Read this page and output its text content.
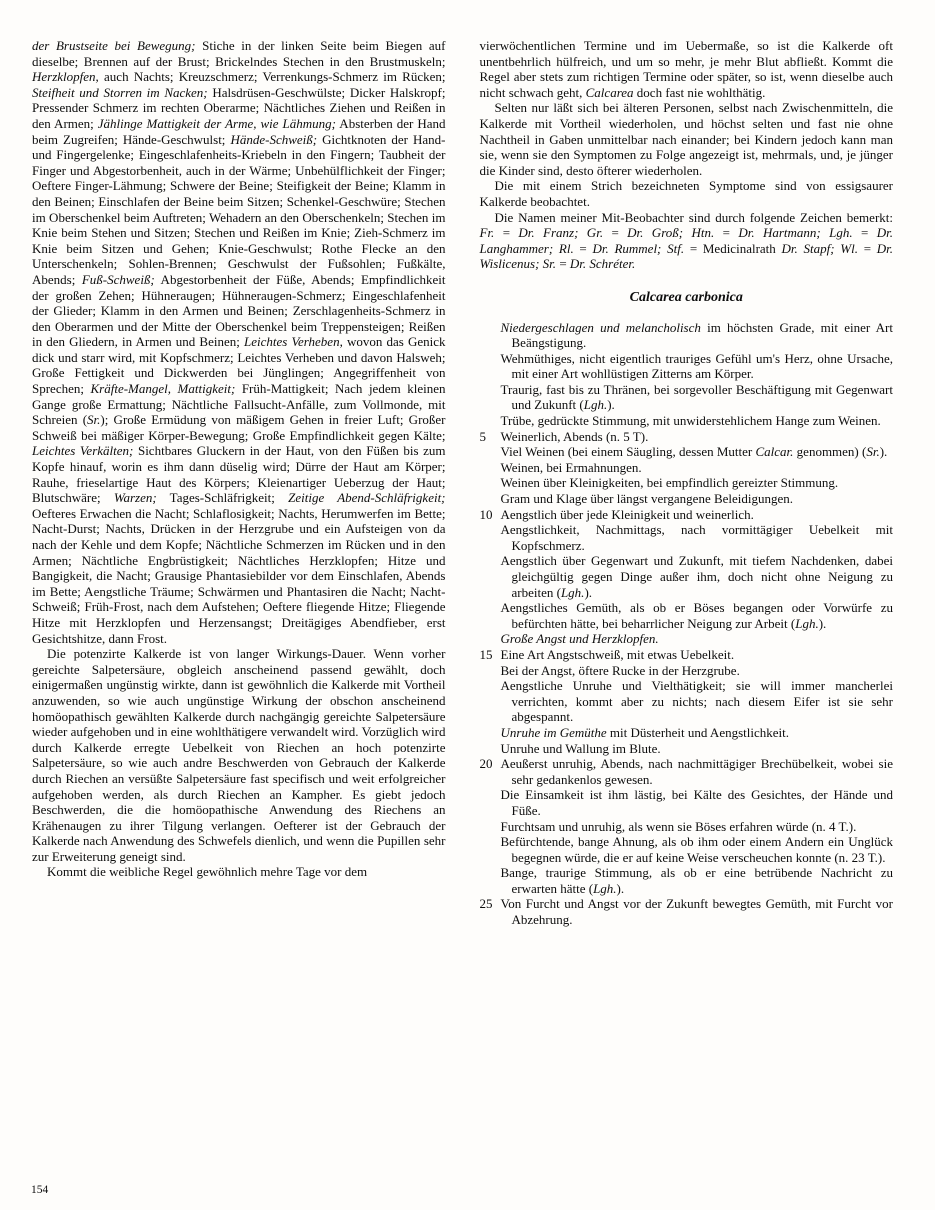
der Brustseite bei Bewegung; Stiche in der linken Seite beim Biegen auf dieselbe; Brennen auf der Brust; Brickelndes Stechen in den Brustmuskeln; Herzklopfen, auch Nachts; Kreuzschmerz; Verrenkungs-Schmerz im Rücken; Steifheit und Storren im Nacken; Halsdrüsen-Geschwülste; Dicker Halskropf; Pressender Schmerz im rechten Oberarme; Nächtliches Ziehen und Reißen in den Armen; Jählinge Mattigkeit der Arme, wie Lähmung; Absterben der Hand beim Zugreifen; Hände-Geschwulst; Hände-Schweiß; Gichtknoten der Hand- und Fingergelenke; Eingeschlafenheits-Kriebeln in den Fingern; Taubheit der Finger und Abgestorbenheit, auch in der Wärme; Unbehülflichkeit der Finger; Oeftere Finger-Lähmung; Schwere der Beine; Steifigkeit der Beine; Klamm in den Beinen; Einschlafen der Beine beim Sitzen; Schenkel-Geschwüre; Stechen im Oberschenkel beim Auftreten; Wehadern an den Oberschenkeln; Stechen im Knie beim Stehen und Sitzen; Stechen und Reißen im Knie; Zieh-Schmerz im Knie beim Sitzen und Gehen; Knie-Geschwulst; Rothe Flecke an den Unterschenkeln; Sohlen-Brennen; Geschwulst der Fußsohlen; Fußkälte, Abends; Fuß-Schweiß; Abgestorbenheit der Füße, Abends; Empfindlichkeit der großen Zehen; Hühneraugen; Hühneraugen-Schmerz; Eingeschlafenheit der Glieder; Klamm in den Armen und Beinen; Zerschlagenheits-Schmerz in den Oberarmen und der Mitte der Oberschenkel beim Treppensteigen; Reißen in den Gliedern, in Armen und Beinen; Leichtes Verheben, wovon das Genick dick und starr wird, mit Kopfschmerz; Leichtes Verheben und davon Halsweh; Große Fettigkeit und Dickwerden bei Jünglingen; Angegriffenheit von Sprechen; Kräfte-Mangel, Mattigkeit; Früh-Mattigkeit; Nach jedem kleinen Gange große Ermattung; Nächtliche Fallsucht-Anfälle, zum Vollmonde, mit Schreien (Sr.); Große Ermüdung von mäßigem Gehen in freier Luft; Großer Schweiß bei mäßiger Körper-Bewegung; Große Empfindlichkeit gegen Kälte; Leichtes Verkälten; Sichtbares Gluckern in der Haut, von den Füßen bis zum Kopfe hinauf, worin es ihm dann düselig wird; Dürre der Haut am Körper; Rauhe, frieselartige Haut des Körpers; Kleienartiger Ueberzug der Haut; Blutschwäre; Warzen; Tages-Schläfrigkeit; Zeitige Abend-Schläfrigkeit; Oefteres Erwachen die Nacht; Schlaflosigkeit; Nachts, Herumwerfen im Bette; Nacht-Durst; Nachts, Drücken in der Herzgrube und ein Aufsteigen von da nach der Kehle und dem Kopfe; Nächtliche Schmerzen im Rücken und in den Armen; Nächtliche Engbrüstigkeit; Nächtliches Herzklopfen; Hitze und Bangigkeit, die Nacht; Grausige Phantasiebilder vor dem Einschlafen, Abends im Bette; Aengstliche Träume; Schwärmen und Phantasiren die Nacht; Nacht-Schweiß; Früh-Frost, nach dem Aufstehen; Oeftere fliegende Hitze; Fliegende Hitze mit Herzklopfen und Herzensangst; Dreitägiges Abendfieber, erst Gesichtshitze, dann Frost.

Die potenzirte Kalkerde ist von langer Wirkungs-Dauer. Wenn vorher gereichte Salpetersäure, obgleich anscheinend passend gewählt, doch einigermaßen ungünstig wirkte, dann ist gewöhnlich die Kalkerde mit Vortheil anzuwenden, so wie auch ungünstige Wirkung der obschon anscheinend homöopathisch gewählten Kalkerde durch nachgängig gereichte Salpetersäure wieder aufgehoben und in eine wohlthätigere verwandelt wird. Vorzüglich wird durch Kalkerde erregte Uebelkeit von Riechen an hoch potenzirte Salpetersäure, so wie auch andre Beschwerden von Gebrauch der Kalkerde durch Riechen an versüßte Salpetersäure fast specifisch und weit erfolgreicher aufgehoben werden, als durch Riechen an Kampher. Es giebt jedoch Beschwerden, die die homöopathische Anwendung des Riechens an Krähenaugen zu ihrer Tilgung verlangen. Oefterer ist der Gebrauch der Kalkerde nach Anwendung des Schwefels dienlich, und wenn die Pupillen sehr zur Erweiterung geneigt sind.

Kommt die weibliche Regel gewöhnlich mehre Tage vor dem

vierwöchentlichen Termine und im Uebermaße, so ist die Kalkerde oft unentbehrlich hülfreich, und um so mehr, je mehr Blut abfließt. Kommt die Regel aber stets zum richtigen Termine oder später, so ist, wenn dieselbe auch nicht schwach geht, Calcarea doch fast nie wohlthätig.

Selten nur läßt sich bei älteren Personen, selbst nach Zwischenmitteln, die Kalkerde mit Vortheil wiederholen, und höchst selten und fast nie ohne Nachtheil in Gaben unmittelbar nach einander; bei Kindern jedoch kann man sie, wenn sie den Symptomen zu Folge angezeigt ist, mehrmals, und, je jünger die Kinder sind, desto öfterer wiederholen.

Die mit einem Strich bezeichneten Symptome sind von essigsaurer Kalkerde beobachtet.

Die Namen meiner Mit-Beobachter sind durch folgende Zeichen bemerkt: Fr. = Dr. Franz; Gr. = Dr. Groß; Htn. = Dr. Hartmann; Lgh. = Dr. Langhammer; Rl. = Dr. Rummel; Stf. = Medicinalrath Dr. Stapf; Wl. = Dr. Wislicenus; Sr. = Dr. Schréter.

Calcarea carbonica
Niedergeschlagen und melancholisch im höchsten Grade, mit einer Art Beängstigung.
Wehmüthiges, nicht eigentlich trauriges Gefühl um's Herz, ohne Ursache, mit einer Art wohllüstigen Zitterns am Körper.
Traurig, fast bis zu Thränen, bei sorgevoller Beschäftigung mit Gegenwart und Zukunft (Lgh.).
Trübe, gedrückte Stimmung, mit unwiderstehlichem Hange zum Weinen.
5	Weinerlich, Abends (n. 5 T).
Viel Weinen (bei einem Säugling, dessen Mutter Calcar. genommen) (Sr.).
Weinen, bei Ermahnungen.
Weinen über Kleinigkeiten, bei empfindlich gereizter Stimmung.
Gram und Klage über längst vergangene Beleidigungen.
10 Aengstlich über jede Kleinigkeit und weinerlich.
Aengstlichkeit, Nachmittags, nach vormittägiger Uebelkeit mit Kopfschmerz.
Aengstlich über Gegenwart und Zukunft, mit tiefem Nachdenken, dabei gleichgültig gegen Dinge außer ihm, doch nicht ohne Neigung zu arbeiten (Lgh.).
Aengstliches Gemüth, als ob er Böses begangen oder Vorwürfe zu befürchten hätte, bei beharrlicher Neigung zur Arbeit (Lgh.).
Große Angst und Herzklopfen.
15 Eine Art Angstschweiß, mit etwas Uebelkeit.
Bei der Angst, öftere Rucke in der Herzgrube.
Aengstliche Unruhe und Vielthätigkeit; sie will immer mancherlei verrichten, kommt aber zu nichts; nach diesem Eifer ist sie sehr abgespannt.
Unruhe im Gemüthe mit Düsterheit und Aengstlichkeit.
Unruhe und Wallung im Blute.
20 Aeußerst unruhig, Abends, nach nachmittägiger Brechübelkeit, wobei sie sehr gedankenlos gewesen.
Die Einsamkeit ist ihm lästig, bei Kälte des Gesichtes, der Hände und Füße.
Furchtsam und unruhig, als wenn sie Böses erfahren würde (n. 4 T.).
Befürchtende, bange Ahnung, als ob ihm oder einem Andern ein Unglück begegnen würde, die er auf keine Weise verscheuchen konnte (n. 23 T.).
Bange, traurige Stimmung, als ob er eine betrübende Nachricht zu erwarten hätte (Lgh.).
25 Von Furcht und Angst vor der Zukunft bewegtes Gemüth, mit Furcht vor Abzehrung.
154
